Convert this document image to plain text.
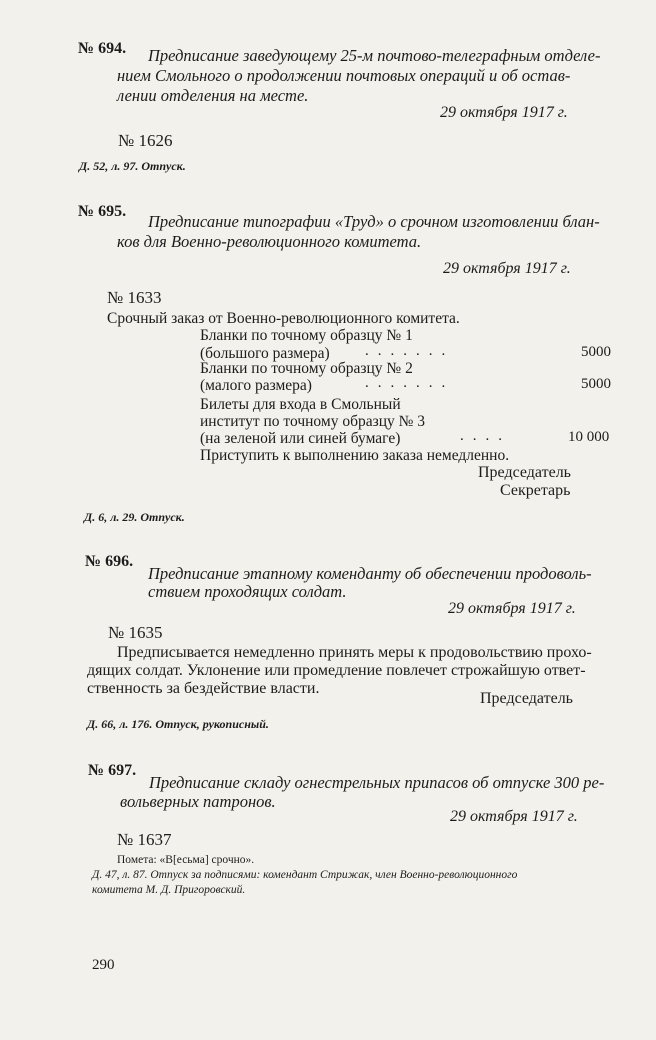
№ 694. Предписание заведующему 25-м почтово-телеграфным отделе-
нием Смольного о продолжении почтовых операций и об остав-
лении отделения на месте.
29 октября 1917 г.
№ 1626
Д. 52, л. 97. Отпуск.
№ 695.
Предписание типографии «Труд» о срочном изготовлении блан-
ков для Военно-революционного комитета.
29 октября 1917 г.
№ 1633
Срочный заказ от Военно-революционного комитета.
Бланки по точному образцу № 1
(большого размера) .......	5000
Бланки по точному образцу № 2
(малого размера)	.......	5000
Билеты для входа в Смольный
институт по точному образцу № 3
(на зеленой или синей бумаге)	....	10 000
Приступить к выполнению заказа немедленно.
Председатель
Секретарь
Д. 6, л. 29. Отпуск.
№ 696.
Предписание этапному коменданту об обеспечении продоволь-
ствием проходящих солдат.
29 октября 1917 г.
№ 1635
Предписывается немедленно принять меры к продовольствию прохо-
дящих солдат. Уклонение или промедление повлечет строжайшую ответ-
ственность за бездействие власти.
Председатель
Д. 66, л. 176. Отпуск, рукописный.
№ 697.
Предписание складу огнестрельных припасов об отпуске 300 ре-
вольверных патронов.
29 октября 1917 г.
№ 1637
Помета: «В[есьма] срочно».
Д. 47, л. 87. Отпуск за подписями: комендант Стрижак, член Военно-революционного
комитета М. Д. Пригоровский.
290
